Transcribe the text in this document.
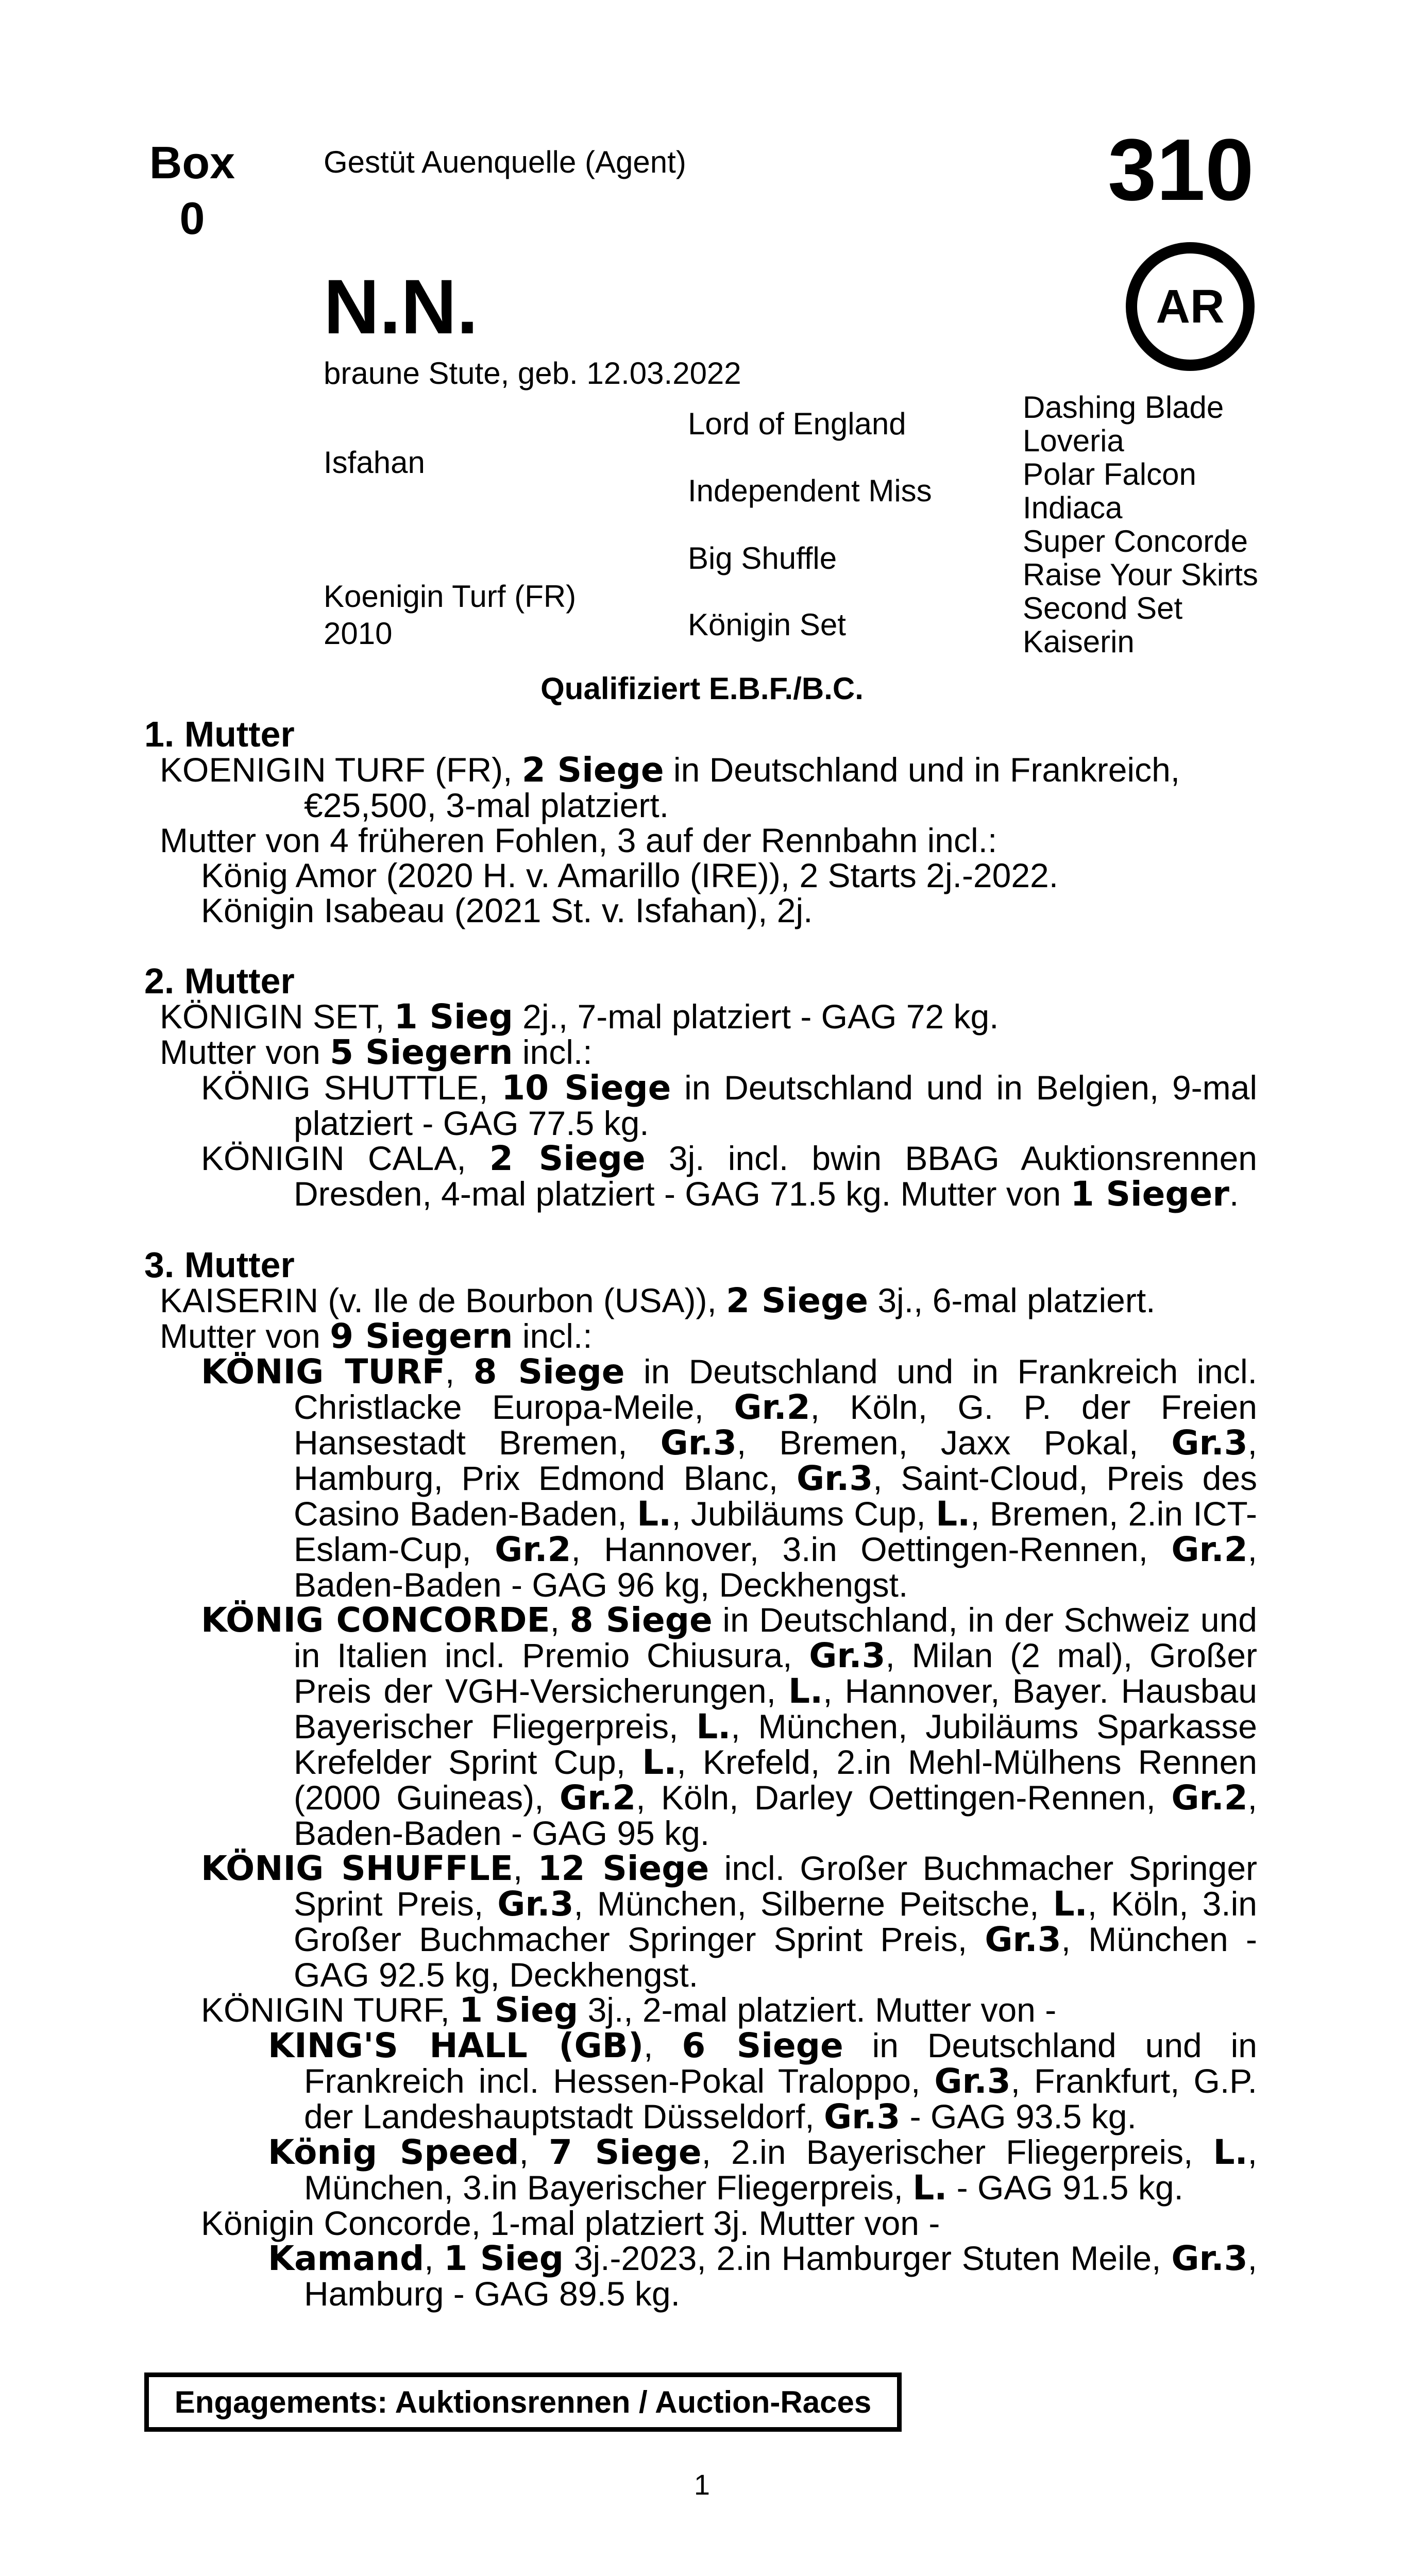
Box
0
Gestüt Auenquelle (Agent)	310
AR
N.N.
braune Stute, geb. 12.03.2022
Isfahan
Koenigin Turf (FR)
2010
Lord of England
Independent Miss
Big Shuffle
Königin Set
Dashing Blade
Loveria
Polar Falcon
Indiaca
Super Concorde
Raise Your Skirts
Second Set
Kaiserin
Qualifiziert E.B.F./B.C.
1. Mutter
KOENIGIN TURF (FR), 2 Siege in Deutschland und in Frankreich,
€25,500, 3-mal platziert.
Mutter von 4 früheren Fohlen, 3 auf der Rennbahn incl.:
König Amor (2020 H. v. Amarillo (IRE)), 2 Starts 2j.-2022.
Königin Isabeau (2021 St. v. Isfahan), 2j.
2. Mutter
KÖNIGIN SET, 1 Sieg 2j., 7-mal platziert - GAG 72 kg.
Mutter von 5 Siegern incl.:
KÖNIG SHUTTLE, 10 Siege in Deutschland und in Belgien, 9-mal platziert - GAG 77.5 kg.
KÖNIGIN CALA, 2 Siege 3j. incl. bwin BBAG Auktionsrennen Dresden, 4-mal platziert - GAG 71.5 kg. Mutter von 1 Sieger.
3. Mutter
KAISERIN (v. Ile de Bourbon (USA)), 2 Siege 3j., 6-mal platziert.
Mutter von 9 Siegern incl.:
KÖNIG TURF, 8 Siege in Deutschland und in Frankreich incl. Christlacke Europa-Meile, Gr.2, Köln, G. P. der Freien Hansestadt Bremen, Gr.3, Bremen, Jaxx Pokal, Gr.3, Hamburg, Prix Edmond Blanc, Gr.3, Saint-Cloud, Preis des Casino Baden-Baden, L., Jubiläums Cup, L., Bremen, 2.in ICT-Eslam-Cup, Gr.2, Hannover, 3.in Oettingen-Rennen, Gr.2, Baden-Baden - GAG 96 kg, Deckhengst.
KÖNIG CONCORDE, 8 Siege in Deutschland, in der Schweiz und in Italien incl. Premio Chiusura, Gr.3, Milan (2 mal), Großer Preis der VGH-Versicherungen, L., Hannover, Bayer. Hausbau Bayerischer Fliegerpreis, L., München, Jubiläums Sparkasse Krefelder Sprint Cup, L., Krefeld, 2.in Mehl-Mülhens Rennen (2000 Guineas), Gr.2, Köln, Darley Oettingen-Rennen, Gr.2, Baden-Baden - GAG 95 kg.
KÖNIG SHUFFLE, 12 Siege incl. Großer Buchmacher Springer Sprint Preis, Gr.3, München, Silberne Peitsche, L., Köln, 3.in Großer Buchmacher Springer Sprint Preis, Gr.3, München - GAG 92.5 kg, Deckhengst.
KÖNIGIN TURF, 1 Sieg 3j., 2-mal platziert. Mutter von -
KING'S HALL (GB), 6 Siege in Deutschland und in Frankreich incl. Hessen-Pokal Traloppo, Gr.3, Frankfurt, G.P. der Landeshauptstadt Düsseldorf, Gr.3 - GAG 93.5 kg.
König Speed, 7 Siege, 2.in Bayerischer Fliegerpreis, L., München, 3.in Bayerischer Fliegerpreis, L. - GAG 91.5 kg.
Königin Concorde, 1-mal platziert 3j. Mutter von -
Kamand, 1 Sieg 3j.-2023, 2.in Hamburger Stuten Meile, Gr.3, Hamburg - GAG 89.5 kg.
Engagements: Auktionsrennen / Auction-Races
1
